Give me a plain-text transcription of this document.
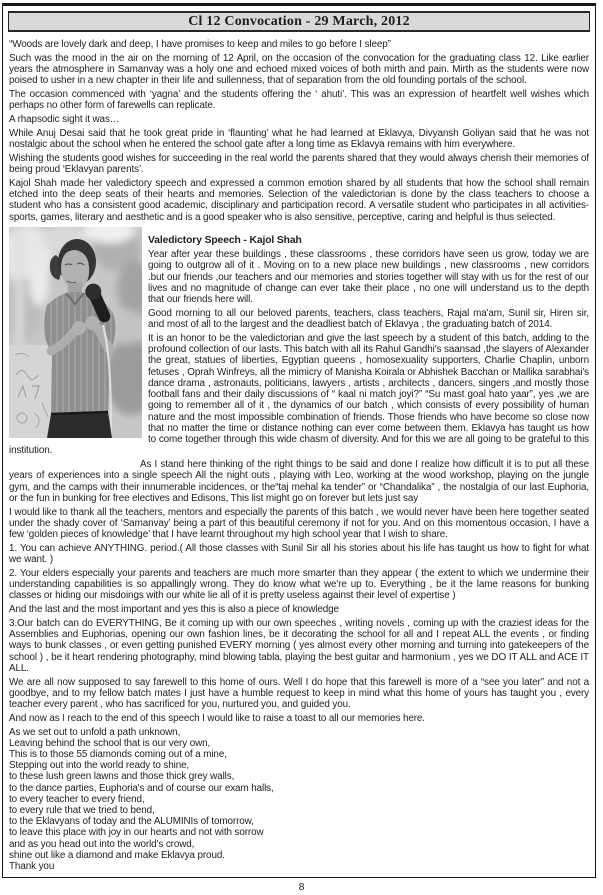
Cl 12 Convocation - 29 March, 2012

“Woods are lovely dark and deep, I have promises to keep and miles to go before I sleep”

Such was the mood in the air on the morning of 12 April, on the occasion of the convocation for the graduating class 12. Like earlier years the atmosphere in Samanvay was a holy one and echoed mixed voices of both mirth and pain. Mirth as the students were now poised to usher in a new chapter in their life and sullenness, that of separation from the old founding portals of the school.

The occasion commenced with ‘yagna’ and the students offering the ‘ ahuti’. This was an expression of heartfelt well wishes which perhaps no other form of farewells can replicate.

A rhapsodic sight it was…

While Anuj Desai said that he took great pride in ‘flaunting’ what he had learned at Eklavya, Divyansh Goliyan said that he was not nostalgic about the school when he entered the school gate after a long time as Eklavya remains with him everywhere.

Wishing the students good wishes for succeeding in the real world the parents shared that they would always cherish their memories of being proud ‘Eklavyan parents’.

Kajol Shah made her valedictory speech and expressed a common emotion shared by all students that how the school shall remain etched into the deep seats of their hearts and memories. Selection of the valedictorian is done by the class teachers to choose a student who has a consistent good academic, disciplinary and participation record. A versatile student who participates in all activities-sports, games, literary and aesthetic and is a good speaker who is also sensitive, perceptive, caring and helpful is thus selected.

Valedictory Speech - Kajol Shah

Year after year these buildings , these classrooms , these corridors have seen us grow, today we are going to outgrow all of it . Moving on to a new place new buildings , new classrooms , new corridors .but our friends ,our teachers and our memories and stories together will stay with us for the rest of our lives and no magnitude of change can ever take their place , no one will understand us to the depth that our friends here will.

Good morning to all our beloved parents, teachers, class teachers, Rajal ma'am, Sunil sir, Hiren sir, and most of all to the largest and the deadliest batch of Eklavya , the graduating batch of 2014.

It is an honor to be the valedictorian and give the last speech by a student of this batch, adding to the profound collection of our lasts. This batch with all its Rahul Gandhi's saansad ,the slayers of Alexander the great, statues of liberties, Egyptian queens , homosexuality supporters, Charlie Chaplin, unborn fetuses , Oprah Winfreys, all the mimicry of Manisha Koirala or Abhishek Bacchan or Mallika sarabhai's dance drama , astronauts, politicians, lawyers , artists , architects , dancers, singers ,and mostly those football fans and their daily discussions of “ kaal ni match joyi?” “Su mast goal hato yaar”, yes ,we are going to remember all of it , the dynamics of our batch , which consists of every possibility of human nature and the most impossible combination of friends. Those friends who have become so close now that no matter the time or distance nothing can ever come between them. Eklavya has taught us how to come together through this wide chasm of diversity. And for this we are all going to be grateful to this institution.

As I stand here thinking of the right things to be said and done I realize how difficult it is to put all these years of experiences into a single speech All the night outs , playing with Leo, working at the wood workshop, playing on the jungle gym, and the camps with their innumerable incidences, or the“taj mehal ka tender” or “Chandalika” , the nostalgia of our last Euphoria, or the fun in bunking for free electives and Edisons, This list might go on forever but lets just say

I would like to thank all the teachers, mentors and especially the parents of this batch , we would never have been here together seated under the shady cover of ‘Samanvay’ being a part of this beautiful ceremony if not for you. And on this momentous occasion, I have a few ‘golden pieces of knowledge’ that I have learnt throughout my high school year that I wish to share.

1. You can achieve ANYTHING. period.( All those classes with Sunil Sir all his stories about his life has taught us how to fight for what we want. )

2. Your elders especially your parents and teachers are much more smarter than they appear ( the extent to which we undermine their understanding capabilities is so appallingly wrong. They do know what we're up to. Everything , be it the lame reasons for bunking classes or hiding our misdoings with our white lie all of it is pretty useless against their level of expertise )

And the last and the most important and yes this is also a piece of knowledge

3.Our batch can do EVERYTHING, Be it coming up with our own speeches , writing novels , coming up with the craziest ideas for the Assemblies and Euphorias, opening our own fashion lines, be it decorating the school for all and I repeat ALL the events , or finding ways to bunk classes , or even getting punished EVERY morning ( yes almost every other morning and turning into gatekeepers of the school ) , be it heart rendering photography, mind blowing tabla, playing the best guitar and harmonium , yes we DO IT ALL and ACE IT ALL.

We are all now supposed to say farewell to this home of ours. Well I do hope that this farewell is more of a “see you later” and not a goodbye, and to my fellow batch mates I just have a humble request to keep in mind what this home of yours has taught you , every teacher every parent , who has sacrificed for you, nurtured you, and guided you.

And now as I reach to the end of this speech I would like to raise a toast to all our memories here.

As we set out to unfold a path unknown,
Leaving behind the school that is our very own,
This is to those 55 diamonds coming out of a mine,
Stepping out into the world ready to shine,
to these lush green lawns and those thick grey walls,
to the dance parties, Euphoria's and of course our exam halls,
to every teacher to every friend,
to every rule that we tried to bend,
to the Eklavyans of today and the ALUMINIs of tomorrow,
to leave this place with joy in our hearts and not with sorrow
and as you head out into the world's crowd,
shine out like a diamond and make Eklavya proud.
Thank you
8
